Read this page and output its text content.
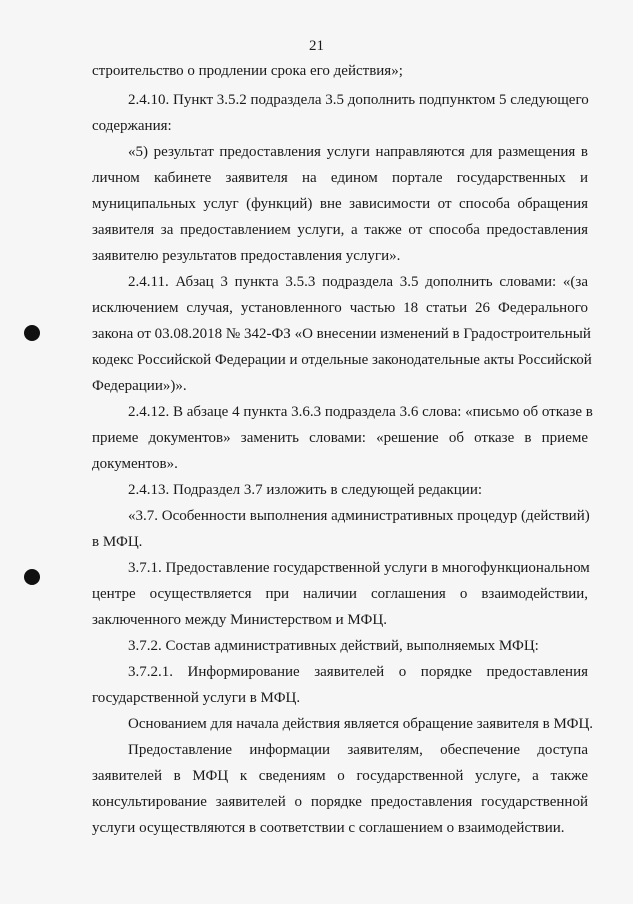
21
строительство о продлении срока его действия»;
2.4.10. Пункт 3.5.2 подраздела 3.5 дополнить подпунктом 5 следующего
содержания:
«5) результат предоставления услуги направляются для размещения в
личном кабинете заявителя на едином портале государственных и
муниципальных услуг (функций) вне зависимости от способа обращения
заявителя за предоставлением услуги, а также от способа предоставления
заявителю результатов предоставления услуги».
2.4.11. Абзац 3 пункта 3.5.3 подраздела 3.5 дополнить словами: «(за
исключением случая, установленного частью 18 статьи 26 Федерального
закона от 03.08.2018 № 342-ФЗ «О внесении изменений в Градостроительный
кодекс Российской Федерации и отдельные законодательные акты Российской
Федерации»)».
2.4.12. В абзаце 4 пункта 3.6.3 подраздела 3.6 слова: «письмо об отказе в
приеме документов» заменить словами: «решение об отказе в приеме
документов».
2.4.13. Подраздел 3.7 изложить в следующей редакции:
«3.7. Особенности выполнения административных процедур (действий)
в МФЦ.
3.7.1. Предоставление государственной услуги в многофункциональном
центре осуществляется при наличии соглашения о взаимодействии,
заключенного между Министерством и МФЦ.
3.7.2. Состав административных действий, выполняемых МФЦ:
3.7.2.1. Информирование заявителей о порядке предоставления
государственной услуги в МФЦ.
Основанием для начала действия является обращение заявителя в МФЦ.
Предоставление информации заявителям, обеспечение доступа
заявителей в МФЦ к сведениям о государственной услуге, а также
консультирование заявителей о порядке предоставления государственной
услуги осуществляются в соответствии с соглашением о взаимодействии.
